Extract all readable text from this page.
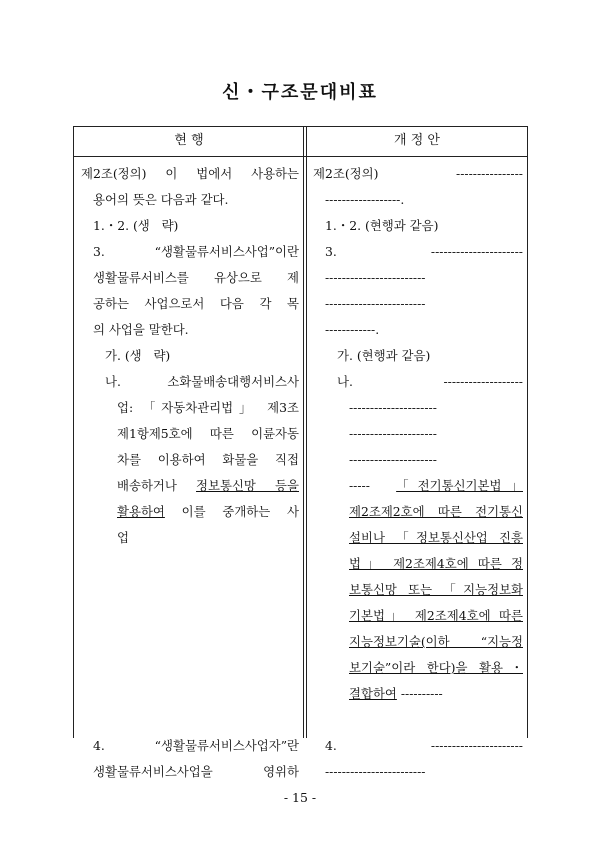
신・구조문대비표
현 행	개 정 안
제2조(정의) 이 법에서 사용하는
용어의 뜻은 다음과 같다.
1.・2. (생   략)
3.  “생활물류서비스사업”이란
생활물류서비스를 유상으로 제
공하는 사업으로서 다음 각 목
의 사업을 말한다.
가. (생   략)
나.  소화물배송대행서비스사
업: 「자동차관리법」 제3조
제1항제5호에 따른 이륜자동
차를 이용하여 화물을 직접
배송하거나 정보통신망 등을
활용하여 이를 중개하는 사
업
4.  “생활물류서비스사업자”란
생활물류서비스사업을 영위하
제2조(정의) ----------------
------------------.
1.・2. (현행과 같음)
3. ----------------------
------------------------
------------------------
------------.
가. (현행과 같음)
나. -------------------
---------------------
---------------------
---------------------
-----  「전기통신기본법」
제2조제2호에 따른 전기통신
설비나 「정보통신산업 진흥
법」 제2조제4호에 따른 정
보통신망 또는 「지능정보화
기본법」 제2조제4호에 따른
지능정보기술(이하 “지능정
보기술”이라 한다)을 활용・
결합하여 ----------
4. ----------------------
------------------------
- 15 -
